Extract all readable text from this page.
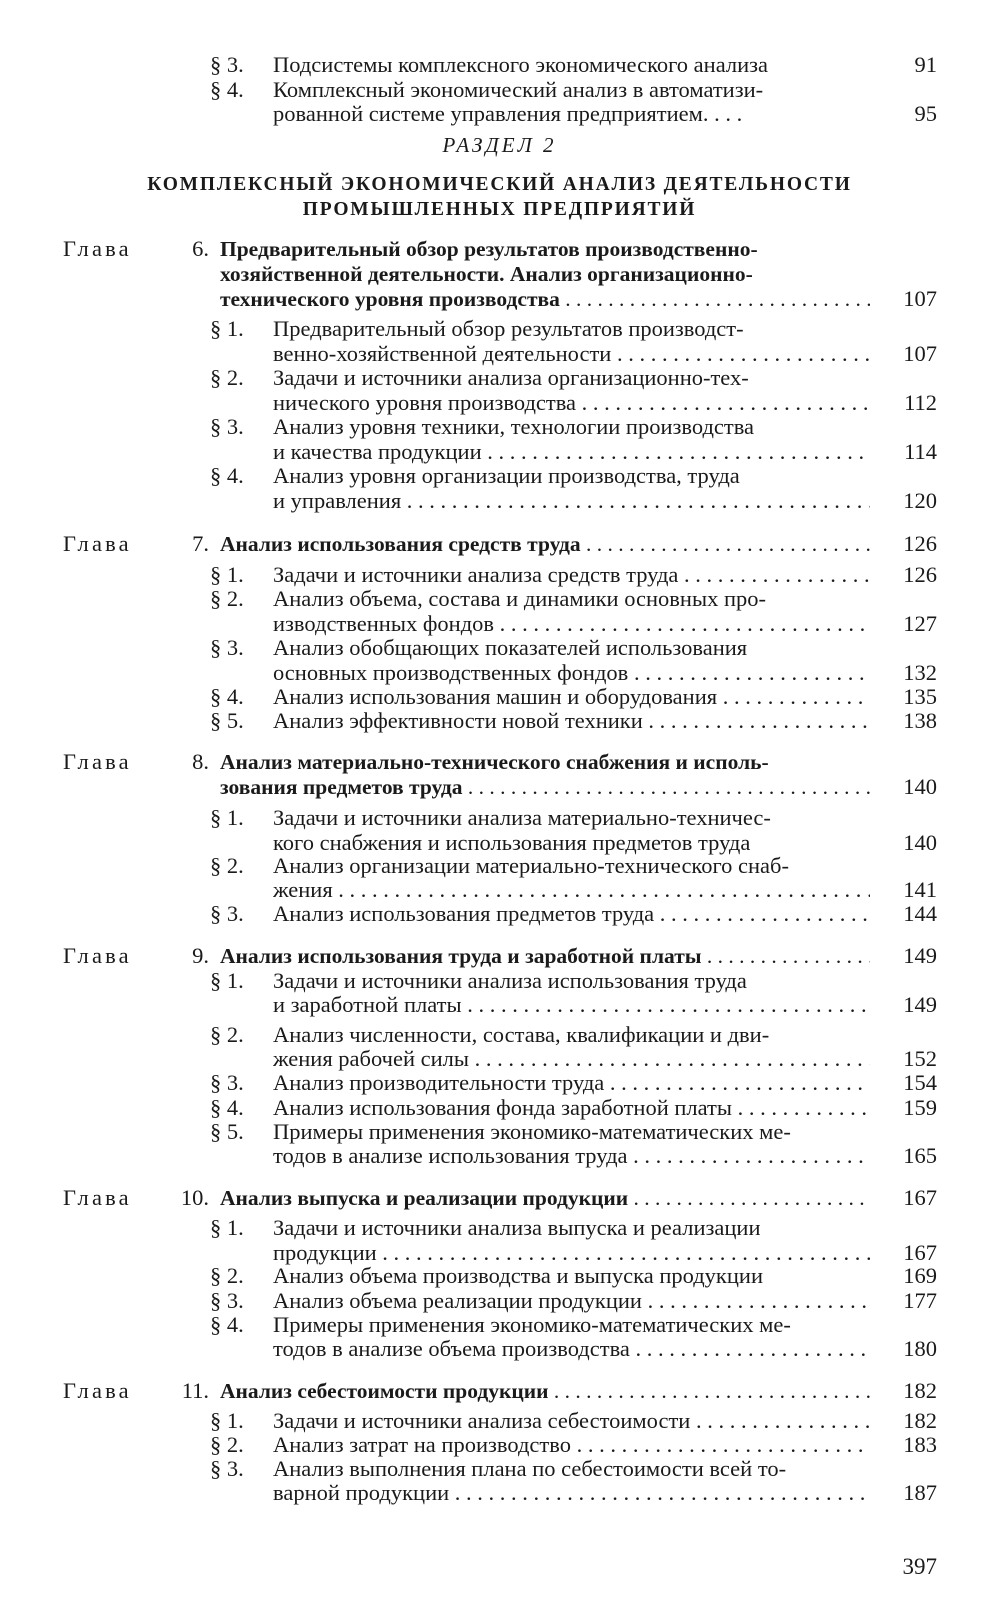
§ 3.	Подсистемы комплексного экономического анализа	91
§ 4.	Комплексный экономический анализ в автоматизи-
рованной системе управления предприятием. . . .	95
РАЗДЕЛ 2
КОМПЛЕКСНЫЙ ЭКОНОМИЧЕСКИЙ АНАЛИЗ ДЕЯТЕЛЬНОСТИ
ПРОМЫШЛЕННЫХ ПРЕДПРИЯТИЙ
Глава	6. Предварительный обзор результатов производственно-
хозяйственной деятельности. Анализ организационно-
технического уровня производства . . .	107
§ 1.	Предварительный обзор результатов производст-
венно-хозяйственной деятельности . . .	107
§ 2.	Задачи и источники анализа организационно-тех-
нического уровня производства . . .	112
§ 3.	Анализ уровня техники, технологии производства
и качества продукции . . .	114
§ 4.	Анализ уровня организации производства, труда
и управления . . .	120
Глава	7. Анализ использования средств труда . . .	126
§ 1.	Задачи и источники анализа средств труда . . .	126
§ 2.	Анализ объема, состава и динамики основных про-
изводственных фондов . . .	127
§ 3.	Анализ обобщающих показателей использования
основных производственных фондов . . .	132
§ 4.	Анализ использования машин и оборудования . . .	135
§ 5.	Анализ эффективности новой техники . . .	138
Глава	8. Анализ материально-технического снабжения и исполь-
зования предметов труда . . .	140
§ 1.	Задачи и источники анализа материально-техничес-
кого снабжения и использования предметов труда	140
§ 2.	Анализ организации материально-технического снаб-
жения . . .	141
§ 3.	Анализ использования предметов труда . . .	144
Глава	9. Анализ использования труда и заработной платы . . .	149
§ 1.	Задачи и источники анализа использования труда
и заработной платы . . .	149
§ 2.	Анализ численности, состава, квалификации и дви-
жения рабочей силы . . .	152
§ 3.	Анализ производительности труда . . .	154
§ 4.	Анализ использования фонда заработной платы . . .	159
§ 5.	Примеры применения экономико-математических ме-
тодов в анализе использования труда . . .	165
Глава 10. Анализ выпуска и реализации продукции . . .	167
§ 1.	Задачи и источники анализа выпуска и реализации
продукции . . .	167
§ 2.	Анализ объема производства и выпуска продукции	169
§ 3.	Анализ объема реализации продукции . . .	177
§ 4.	Примеры применения экономико-математических ме-
тодов в анализе объема производства . . .	180
Глава 11. Анализ себестоимости продукции . . .	182
§ 1.	Задачи и источники анализа себестоимости . . .	182
§ 2.	Анализ затрат на производство . . .	183
§ 3.	Анализ выполнения плана по себестоимости всей то-
варной продукции . . .	187
397
